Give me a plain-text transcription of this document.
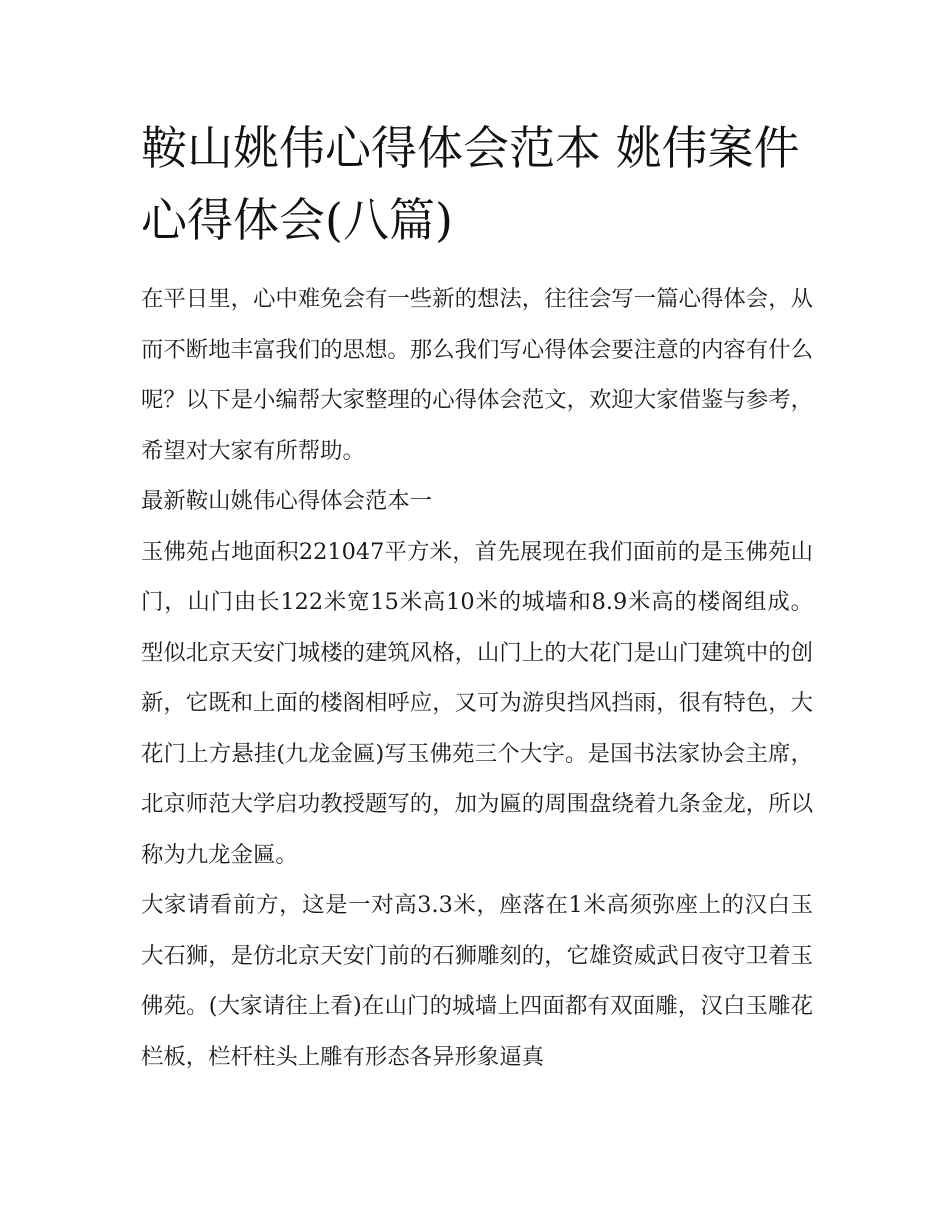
鞍山姚伟心得体会范本 姚伟案件心得体会(八篇)

在平日里，心中难免会有一些新的想法，往往会写一篇心得体会，从而不断地丰富我们的思想。那么我们写心得体会要注意的内容有什么呢？以下是小编帮大家整理的心得体会范文，欢迎大家借鉴与参考，希望对大家有所帮助。

最新鞍山姚伟心得体会范本一

玉佛苑占地面积221047平方米，首先展现在我们面前的是玉佛苑山门，山门由长122米宽15米高10米的城墙和8.9米高的楼阁组成。型似北京天安门城楼的建筑风格，山门上的大花门是山门建筑中的创新，它既和上面的楼阁相呼应，又可为游臾挡风挡雨，很有特色，大花门上方悬挂(九龙金匾)写玉佛苑三个大字。是国书法家协会主席，北京师范大学启功教授题写的，加为匾的周围盘绕着九条金龙，所以称为九龙金匾。

大家请看前方，这是一对高3.3米，座落在1米高须弥座上的汉白玉大石狮，是仿北京天安门前的石狮雕刻的，它雄资威武日夜守卫着玉佛苑。(大家请往上看)在山门的城墙上四面都有双面雕，汉白玉雕花栏板，栏杆柱头上雕有形态各异形象逼真
